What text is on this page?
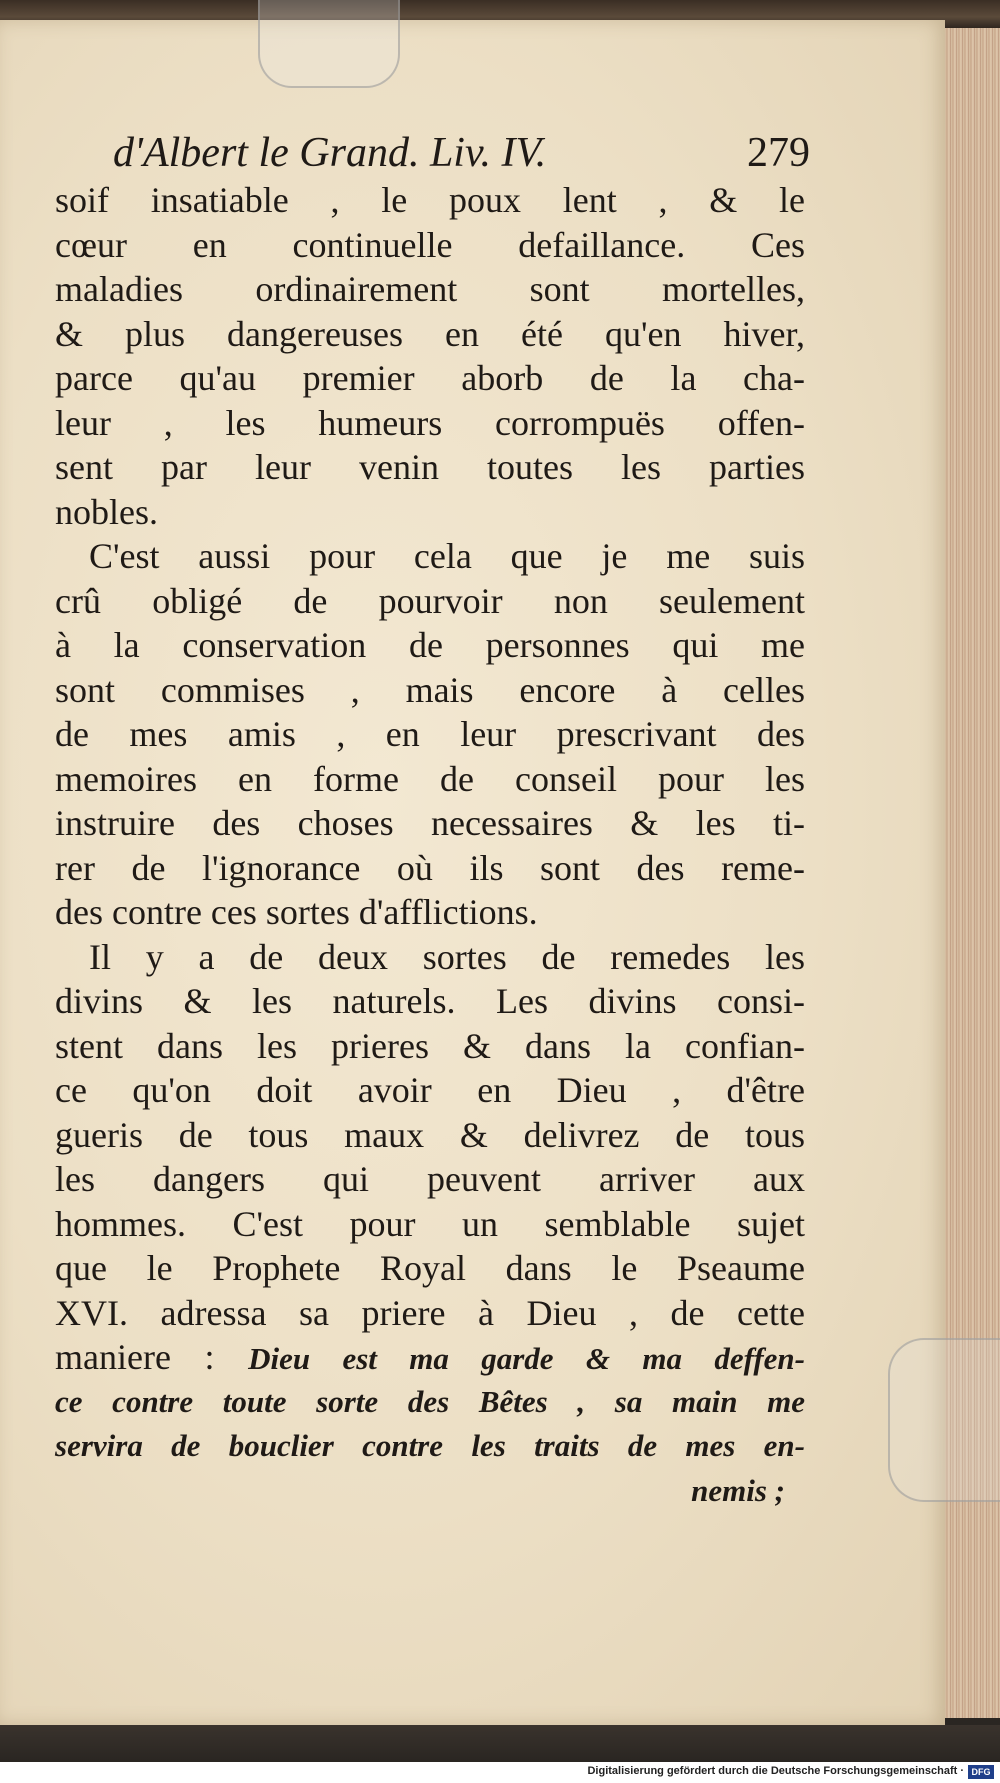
d'Albert le Grand. Liv. IV.	279
soif insatiable , le poux lent , & le
cœur en continuelle defaillance. Ces
maladies ordinairement sont mortelles,
& plus dangereuses en été qu'en hiver,
parce qu'au premier aborb de la cha-
leur , les humeurs corrompuës offen-
sent par leur venin toutes les parties
nobles.
C'est aussi pour cela que je me suis
crû obligé de pourvoir non seulement
à la conservation de personnes qui me
sont commises , mais encore à celles
de mes amis , en leur prescrivant des
memoires en forme de conseil pour les
instruire des choses necessaires & les ti-
rer de l'ignorance où ils sont des reme-
des contre ces sortes d'afflictions.
Il y a de deux sortes de remedes les
divins & les naturels. Les divins consi-
stent dans les prieres & dans la confian-
ce qu'on doit avoir en Dieu , d'être
gueris de tous maux & delivrez de tous
les dangers qui peuvent arriver aux
hommes. C'est pour un semblable sujet
que le Prophete Royal dans le Pseaume
XVI. adressa sa priere à Dieu , de cette
maniere : Dieu est ma garde & ma deffen-
ce contre toute sorte des Bêtes , sa main me
servira de bouclier contre les traits de mes en-
nemis ;
Digitalisierung gefördert durch die Deutsche Forschungsgemeinschaft · DFG
